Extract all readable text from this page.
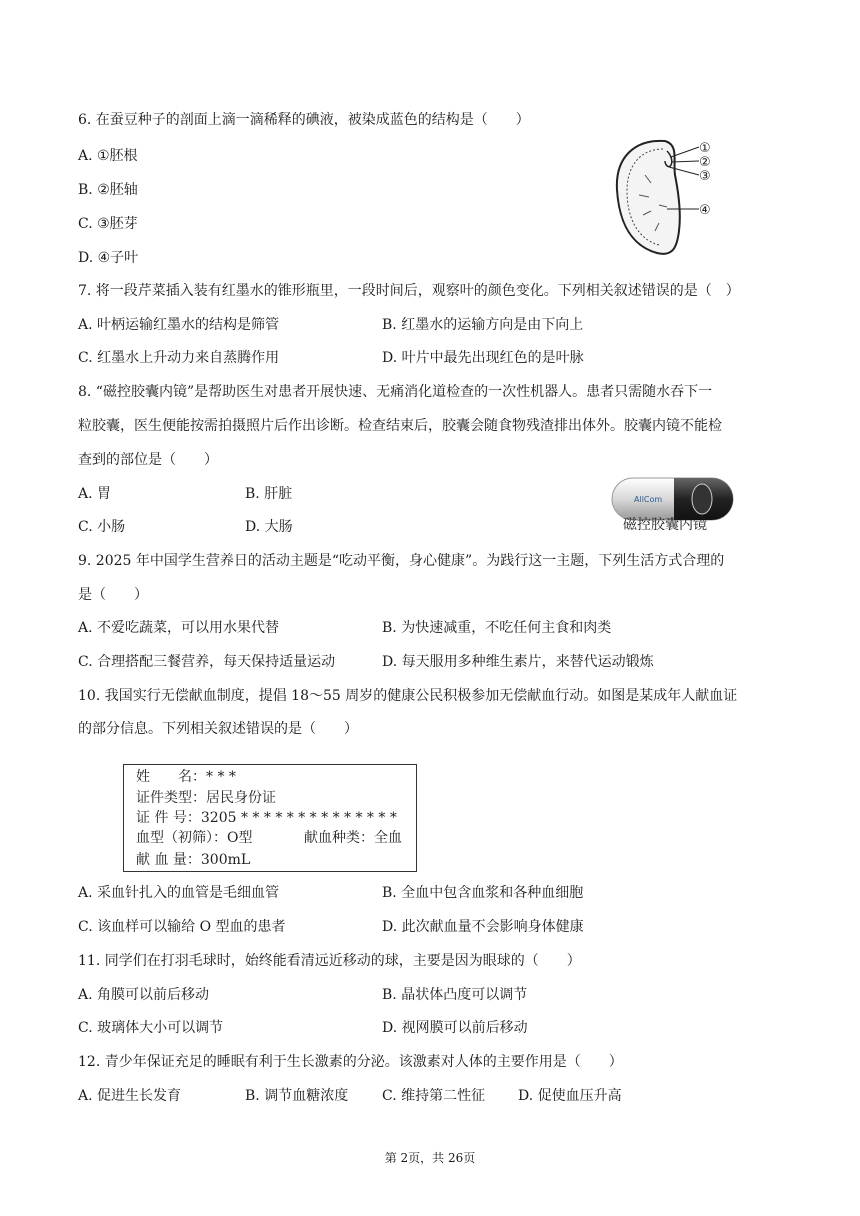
6. 在蚕豆种子的剖面上滴一滴稀释的碘液，被染成蓝色的结构是（　　）
A. ①胚根
B. ②胚轴
C. ③胚芽
D. ④子叶
①
②
③
④
7. 将一段芹菜插入装有红墨水的锥形瓶里，一段时间后，观察叶的颜色变化。下列相关叙述错误的是（　）
A. 叶柄运输红墨水的结构是筛管	B. 红墨水的运输方向是由下向上
C. 红墨水上升动力来自蒸腾作用	D. 叶片中最先出现红色的是叶脉
8. “磁控胶囊内镜”是帮助医生对患者开展快速、无痛消化道检查的一次性机器人。患者只需随水吞下一
粒胶囊，医生便能按需拍摄照片后作出诊断。检查结束后，胶囊会随食物残渣排出体外。胶囊内镜不能检
查到的部位是（　　）
A. 胃	B. 肝脏
C. 小肠	D. 大肠
AllCom
磁控胶囊内镜
9. 2025 年中国学生营养日的活动主题是“吃动平衡，身心健康”。为践行这一主题，下列生活方式合理的
是（　　）
A. 不爱吃蔬菜，可以用水果代替	B. 为快速减重，不吃任何主食和肉类
C. 合理搭配三餐营养，每天保持适量运动	D. 每天服用多种维生素片，来替代运动锻炼
10. 我国实行无偿献血制度，提倡 18～55 周岁的健康公民积极参加无偿献血行动。如图是某成年人献血证
的部分信息。下列相关叙述错误的是（　　）
姓　　名：* * *
证件类型：居民身份证
证 件 号：3205 * * * * * * * * * * * * * *
血型（初筛）：O型	献血种类：全血
献 血 量：300mL
A. 采血针扎入的血管是毛细血管	B. 全血中包含血浆和各种血细胞
C. 该血样可以输给 O 型血的患者	D. 此次献血量不会影响身体健康
11. 同学们在打羽毛球时，始终能看清远近移动的球，主要是因为眼球的（　　）
A. 角膜可以前后移动	B. 晶状体凸度可以调节
C. 玻璃体大小可以调节	D. 视网膜可以前后移动
12. 青少年保证充足的睡眠有利于生长激素的分泌。该激素对人体的主要作用是（　　）
A. 促进生长发育	B. 调节血糖浓度 C. 维持第二性征 D. 促使血压升高
第 2页，共 26页
